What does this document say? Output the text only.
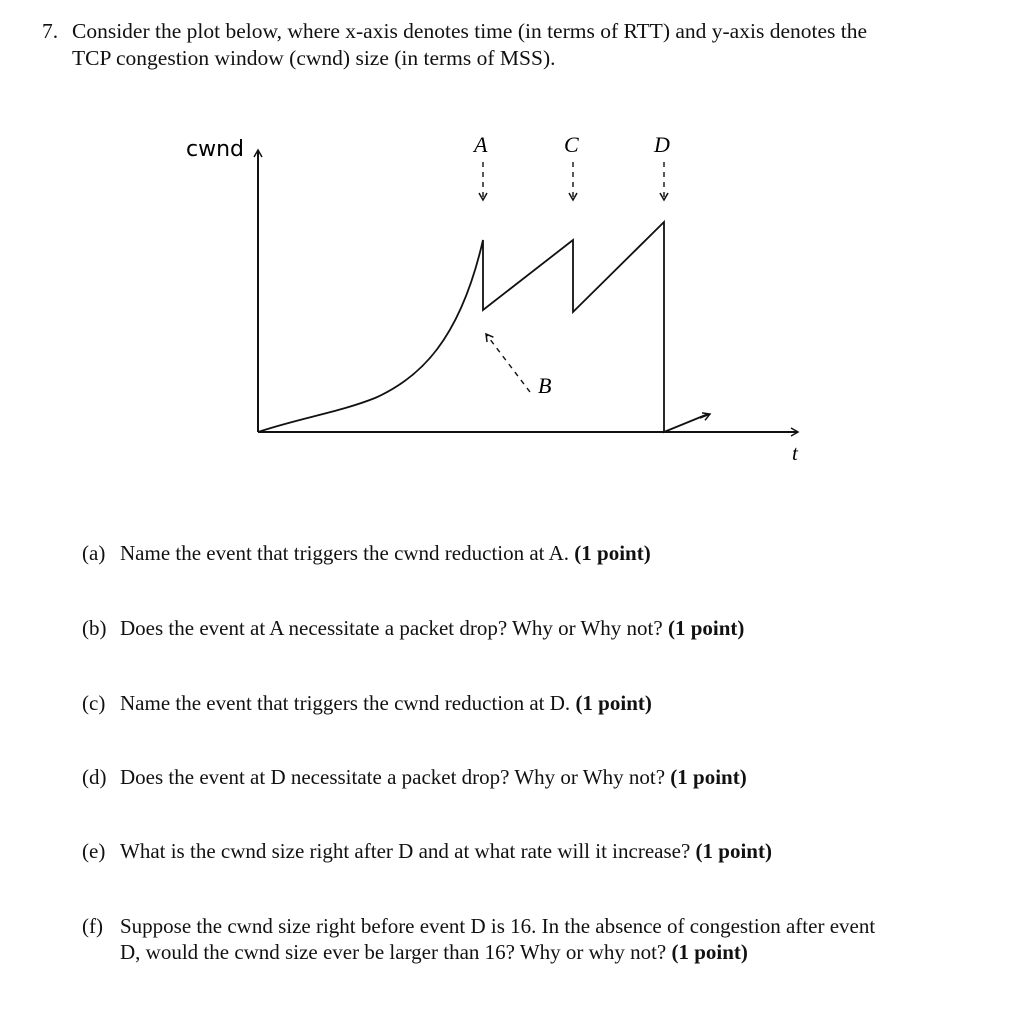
7. Consider the plot below, where x-axis denotes time (in terms of RTT) and y-axis denotes the
TCP congestion window (cwnd) size (in terms of MSS).
cwnd
t
A	C	D
B
(a) Name the event that triggers the cwnd reduction at A. (1 point)
(b) Does the event at A necessitate a packet drop? Why or Why not? (1 point)
(c) Name the event that triggers the cwnd reduction at D. (1 point)
(d) Does the event at D necessitate a packet drop? Why or Why not? (1 point)
(e) What is the cwnd size right after D and at what rate will it increase? (1 point)
(f) Suppose the cwnd size right before event D is 16. In the absence of congestion after event
D, would the cwnd size ever be larger than 16? Why or why not? (1 point)
